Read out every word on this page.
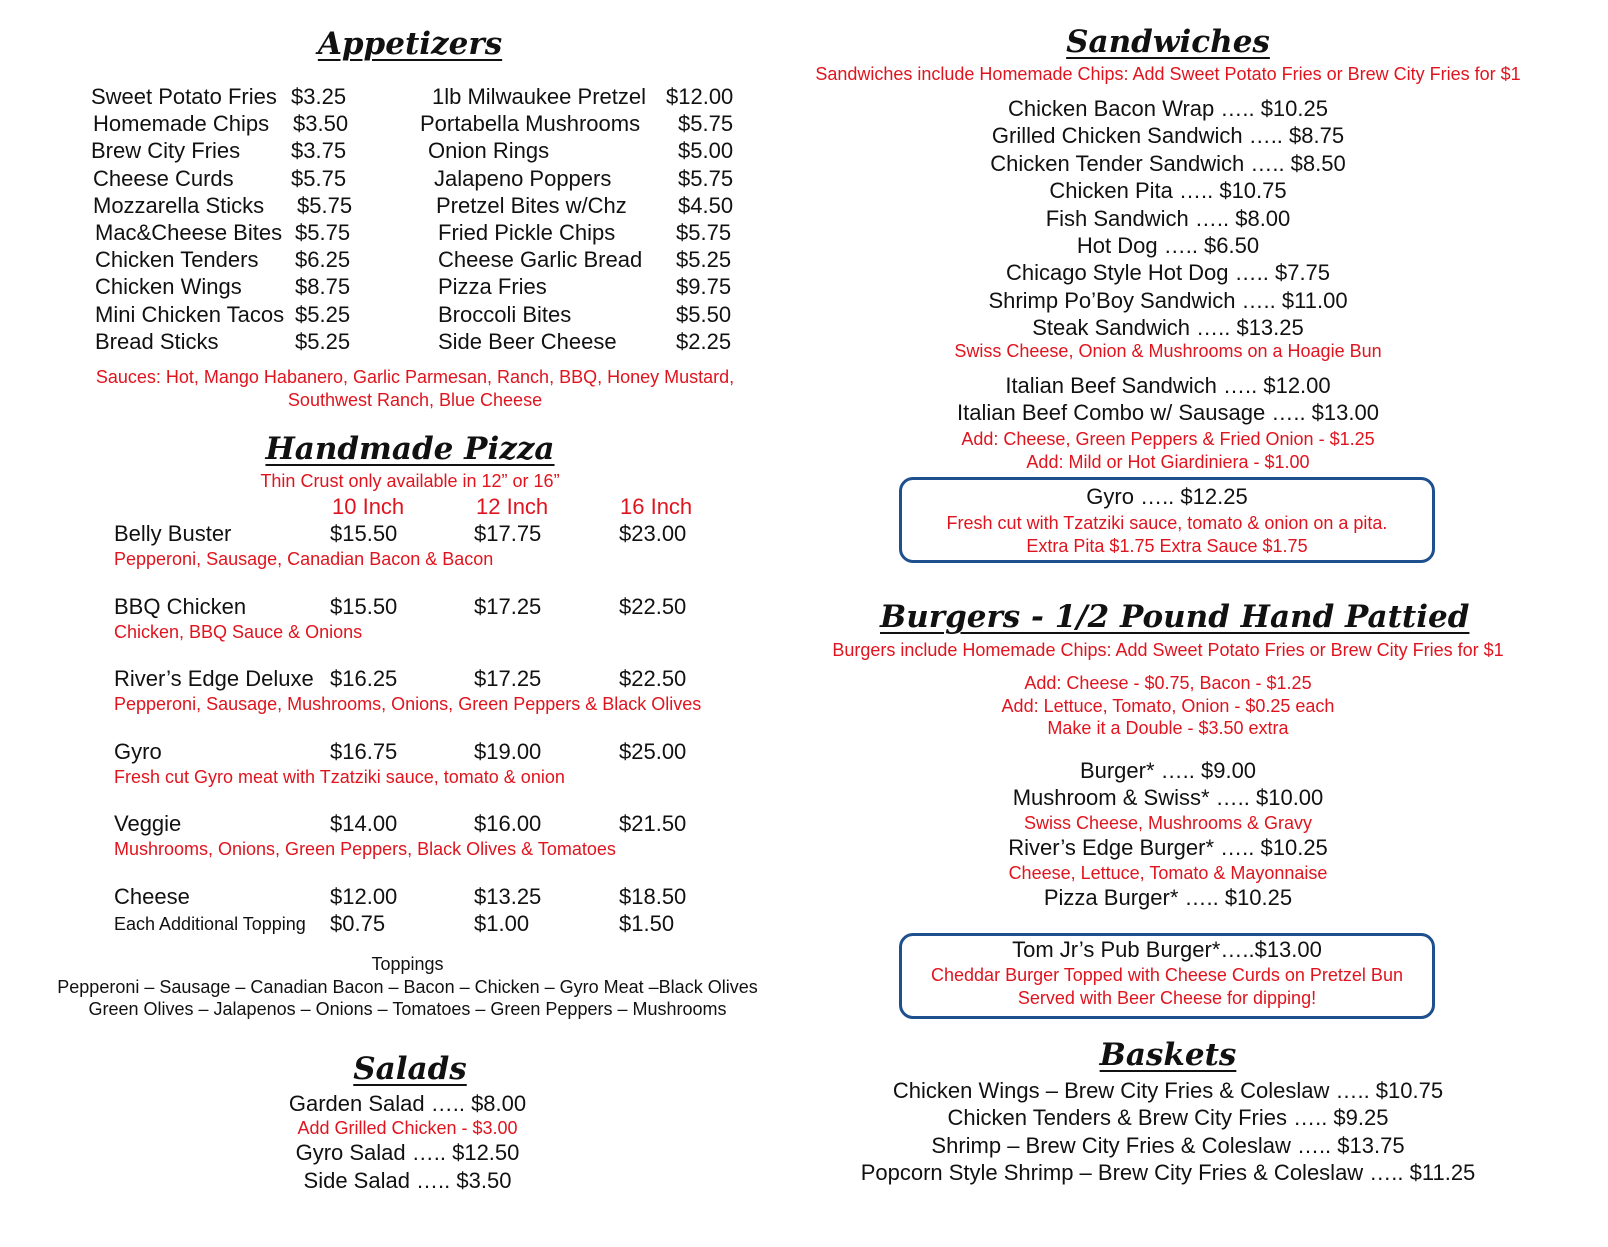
Appetizers
Sweet Potato Fries $3.25
Homemade Chips $3.50
Brew City Fries $3.75
Cheese Curds	$5.75
Mozzarella Sticks $5.75
Mac&Cheese Bites $5.75
Chicken Tenders $6.25
Chicken Wings $8.75
Mini Chicken Tacos $5.25
Bread Sticks	$5.25
1lb Milwaukee Pretzel $12.00
Portabella Mushrooms $5.75
Onion Rings	$5.00
Jalapeno Poppers	$5.75
Pretzel Bites w/Chz $4.50
Fried Pickle Chips	$5.75
Cheese Garlic Bread $5.25
Pizza Fries	$9.75
Broccoli Bites	$5.50
Side Beer Cheese	$2.25
Sauces: Hot, Mango Habanero, Garlic Parmesan, Ranch, BBQ, Honey Mustard,
Southwest Ranch, Blue Cheese
Handmade Pizza
Thin Crust only available in 12” or 16”
10 Inch	12 Inch	16 Inch
Belly Buster	$15.50	$17.75	$23.00
Pepperoni, Sausage, Canadian Bacon & Bacon
BBQ Chicken	$15.50	$17.25	$22.50
Chicken, BBQ Sauce & Onions
River’s Edge Deluxe $16.25	$17.25	$22.50
Pepperoni, Sausage, Mushrooms, Onions, Green Peppers & Black Olives
Gyro	$16.75	$19.00	$25.00
Fresh cut Gyro meat with Tzatziki sauce, tomato & onion
Veggie	$14.00	$16.00	$21.50
Mushrooms, Onions, Green Peppers, Black Olives & Tomatoes
Cheese	$12.00	$13.25	$18.50
Each Additional Topping $0.75	$1.00	$1.50
Toppings
Pepperoni – Sausage – Canadian Bacon – Bacon – Chicken – Gyro Meat –Black Olives
Green Olives – Jalapenos – Onions – Tomatoes – Green Peppers – Mushrooms
Salads
Garden Salad ….. $8.00
Add Grilled Chicken - $3.00
Gyro Salad ….. $12.50
Side Salad ….. $3.50
Sandwiches
Sandwiches include Homemade Chips: Add Sweet Potato Fries or Brew City Fries for $1
Chicken Bacon Wrap ….. $10.25
Grilled Chicken Sandwich ….. $8.75
Chicken Tender Sandwich ….. $8.50
Chicken Pita ….. $10.75
Fish Sandwich ….. $8.00
Hot Dog ….. $6.50
Chicago Style Hot Dog ….. $7.75
Shrimp Po’Boy Sandwich ….. $11.00
Steak Sandwich ….. $13.25
Swiss Cheese, Onion & Mushrooms on a Hoagie Bun
Italian Beef Sandwich ….. $12.00
Italian Beef Combo w/ Sausage ….. $13.00
Add: Cheese, Green Peppers & Fried Onion - $1.25
Add: Mild or Hot Giardiniera - $1.00
Gyro ….. $12.25
Fresh cut with Tzatziki sauce, tomato & onion on a pita.
Extra Pita $1.75 Extra Sauce $1.75
Burgers - 1/2 Pound Hand Pattied
Burgers include Homemade Chips: Add Sweet Potato Fries or Brew City Fries for $1
Add: Cheese - $0.75, Bacon - $1.25
Add: Lettuce, Tomato, Onion - $0.25 each
Make it a Double - $3.50 extra
Burger* ….. $9.00
Mushroom & Swiss* ….. $10.00
Swiss Cheese, Mushrooms & Gravy
River’s Edge Burger* ….. $10.25
Cheese, Lettuce, Tomato & Mayonnaise
Pizza Burger* ….. $10.25
Tom Jr’s Pub Burger*…..$13.00
Cheddar Burger Topped with Cheese Curds on Pretzel Bun
Served with Beer Cheese for dipping!
Baskets
Chicken Wings – Brew City Fries & Coleslaw ….. $10.75
Chicken Tenders & Brew City Fries ….. $9.25
Shrimp – Brew City Fries & Coleslaw ….. $13.75
Popcorn Style Shrimp – Brew City Fries & Coleslaw ….. $11.25
